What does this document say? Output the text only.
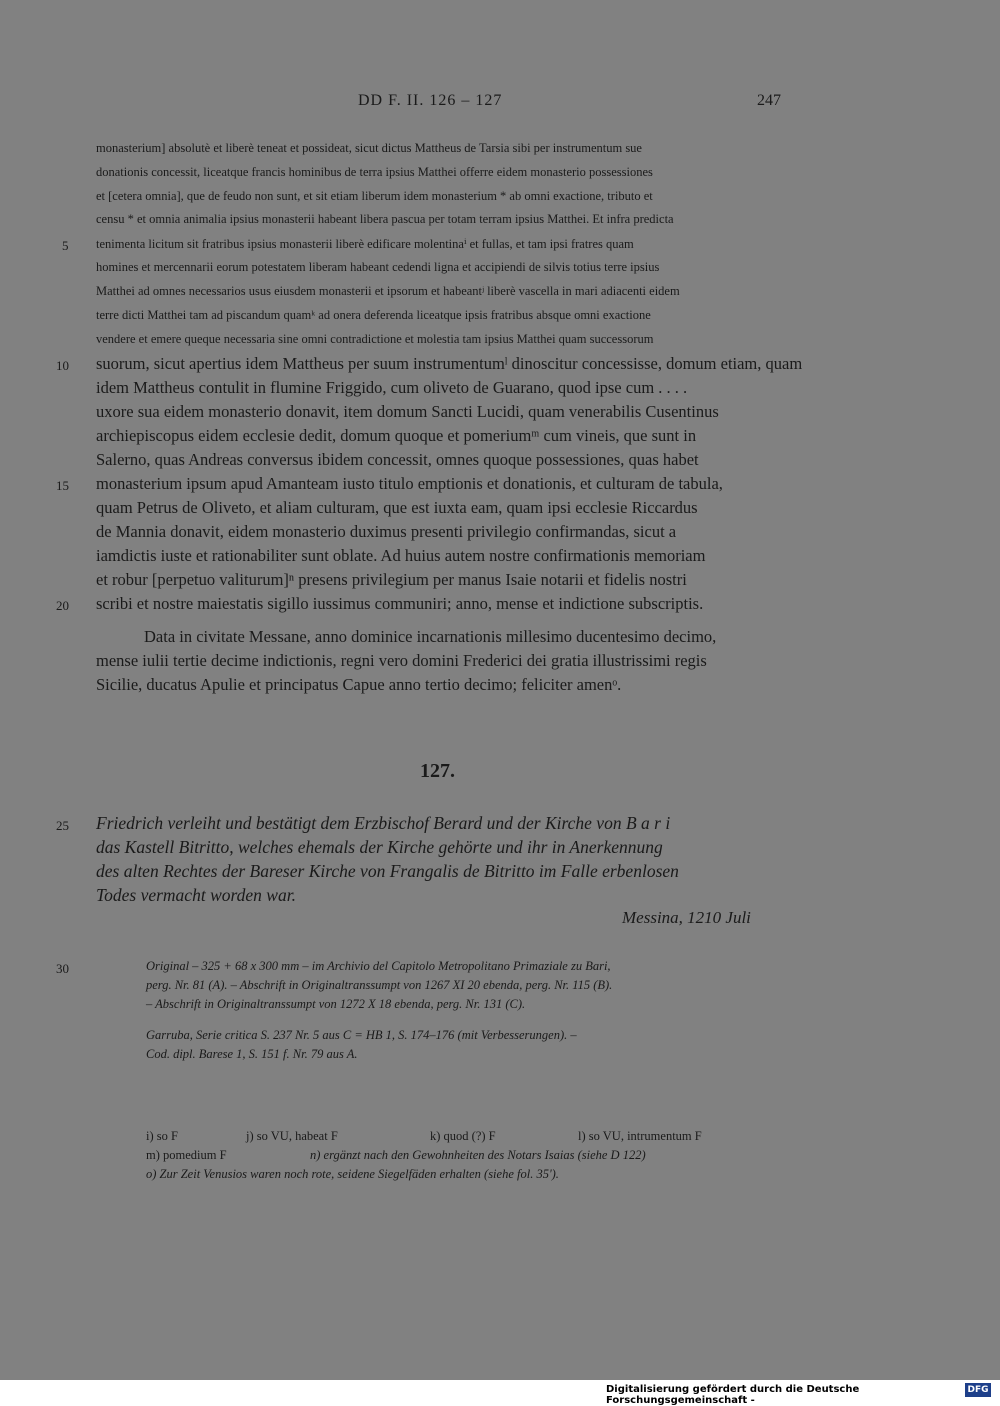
DD F. II. 126 – 127	247
monasterium] absolutè et liberè teneat et possideat, sicut dictus Mattheus de Tarsia sibi per instrumentum sue
donationis concessit, liceatque francis hominibus de terra ipsius Matthei offerre eidem monasterio possessiones
et [cetera omnia], que de feudo non sunt, et sit etiam liberum idem monasterium * ab omni exactione, tributo et
censu * et omnia animalia ipsius monasterii habeant libera pascua per totam terram ipsius Matthei. Et infra predicta
tenimenta licitum sit fratribus ipsius monasterii liberè edificare molentinaⁱ et fullas, et tam ipsi fratres quam
homines et mercennarii eorum potestatem liberam habeant cedendi ligna et accipiendi de silvis totius terre ipsius
Matthei ad omnes necessarios usus eiusdem monasterii et ipsorum et habeantʲ liberè vascella in mari adiacenti eidem
terre dicti Matthei tam ad piscandum quamᵏ ad onera deferenda liceatque ipsis fratribus absque omni exactione
vendere et emere queque necessaria sine omni contradictione et molestia tam ipsius Matthei quam successorum
suorum, sicut apertius idem Mattheus per suum instrumentumˡ dinoscitur concessisse, domum etiam, quam
idem Mattheus contulit in flumine Friggido, cum oliveto de Guarano, quod ipse cum . . . .
uxore sua eidem monasterio donavit, item domum Sancti Lucidi, quam venerabilis Cusentinus
archiepiscopus eidem ecclesie dedit, domum quoque et pomeriumᵐ cum vineis, que sunt in
Salerno, quas Andreas conversus ibidem concessit, omnes quoque possessiones, quas habet
monasterium ipsum apud Amanteam iusto titulo emptionis et donationis, et culturam de tabula,
quam Petrus de Oliveto, et aliam culturam, que est iuxta eam, quam ipsi ecclesie Riccardus
de Mannia donavit, eidem monasterio duximus presenti privilegio confirmandas, sicut a
iamdictis iuste et rationabiliter sunt oblate. Ad huius autem nostre confirmationis memoriam
et robur [perpetuo valiturum]ⁿ presens privilegium per manus Isaie notarii et fidelis nostri
scribi et nostre maiestatis sigillo iussimus communiri; anno, mense et indictione subscriptis.
Data in civitate Messane, anno dominice incarnationis millesimo ducentesimo decimo,
mense iulii tertie decime indictionis, regni vero domini Frederici dei gratia illustrissimi regis
Sicilie, ducatus Apulie et principatus Capue anno tertio decimo; feliciter amenᵒ.
5
10
15
20
25
30
127.
Friedrich verleiht und bestätigt dem Erzbischof Berard und der Kirche von B a r i
das Kastell Bitritto, welches ehemals der Kirche gehörte und ihr in Anerkennung
des alten Rechtes der Bareser Kirche von Frangalis de Bitritto im Falle erbenlosen
Todes vermacht worden war.
Messina, 1210 Juli
Original – 325 + 68 x 300 mm – im Archivio del Capitolo Metropolitano Primaziale zu Bari,
perg. Nr. 81 (A). – Abschrift in Originaltranssumpt von 1267 XI 20 ebenda, perg. Nr. 115 (B).
– Abschrift in Originaltranssumpt von 1272 X 18 ebenda, perg. Nr. 131 (C).
Garruba, Serie critica S. 237 Nr. 5 aus C = HB 1, S. 174–176 (mit Verbesserungen). –
Cod. dipl. Barese 1, S. 151 f. Nr. 79 aus A.
i) so F	j) so VU, habeat F	k) quod (?) F	l) so VU, intrumentum F
m) pomedium F	n) ergänzt nach den Gewohnheiten des Notars Isaias (siehe D 122)
o) Zur Zeit Venusios waren noch rote, seidene Siegelfäden erhalten (siehe fol. 35').
Digitalisierung gefördert durch die Deutsche Forschungsgemeinschaft -
DFG
